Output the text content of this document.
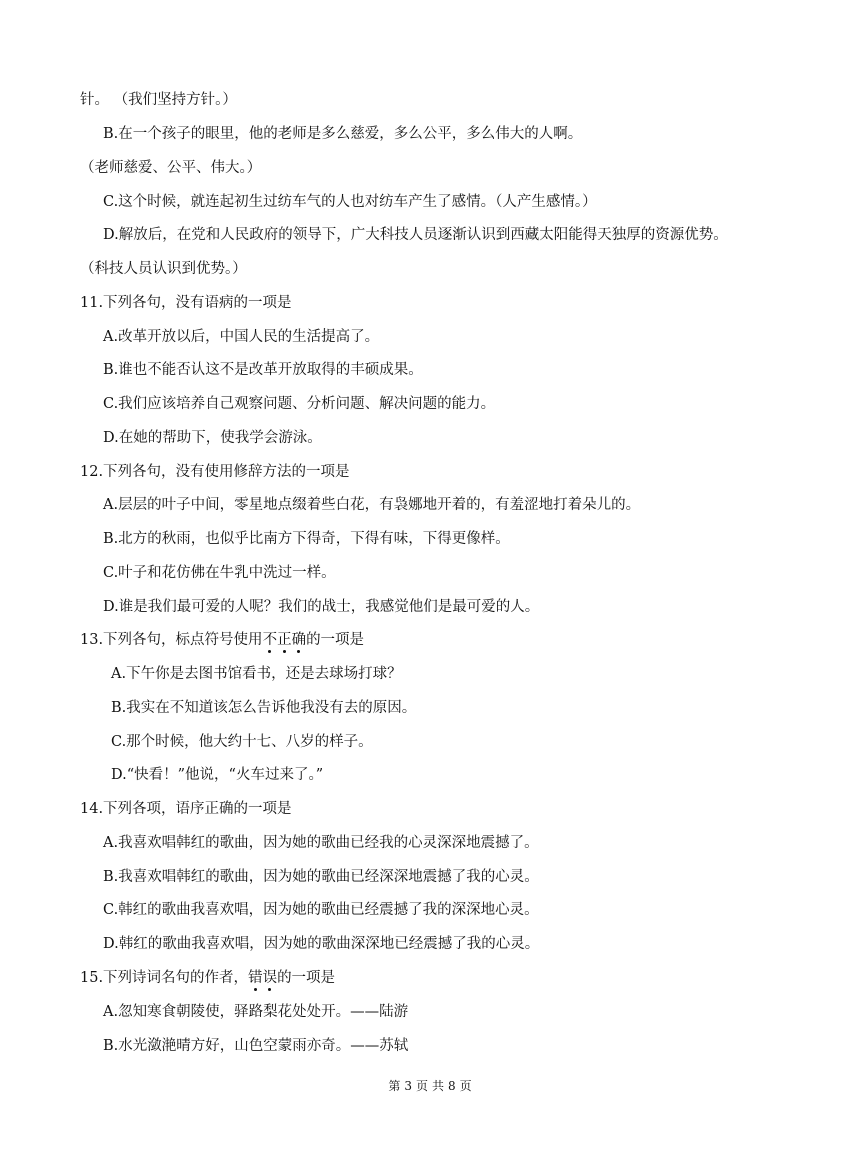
针。 （我们坚持方针。）
B.在一个孩子的眼里，他的老师是多么慈爱，多么公平，多么伟大的人啊。
（老师慈爱、公平、伟大。）
C.这个时候，就连起初生过纺车气的人也对纺车产生了感情。（人产生感情。）
D.解放后，在党和人民政府的领导下，广大科技人员逐渐认识到西藏太阳能得天独厚的资源优势。
（科技人员认识到优势。）
11.下列各句，没有语病的一项是
A.改革开放以后，中国人民的生活提高了。
B.谁也不能否认这不是改革开放取得的丰硕成果。
C.我们应该培养自己观察问题、分析问题、解决问题的能力。
D.在她的帮助下，使我学会游泳。
12.下列各句，没有使用修辞方法的一项是
A.层层的叶子中间，零星地点缀着些白花，有袅娜地开着的，有羞涩地打着朵儿的。
B.北方的秋雨，也似乎比南方下得奇，下得有味，下得更像样。
C.叶子和花仿佛在牛乳中洗过一样。
D.谁是我们最可爱的人呢？我们的战士，我感觉他们是最可爱的人。
13.下列各句，标点符号使用不正确的一项是
A.下午你是去图书馆看书，还是去球场打球？
B.我实在不知道该怎么告诉他我没有去的原因。
C.那个时候，他大约十七、八岁的样子。
D.“快看！”他说，“火车过来了。”
14.下列各项，语序正确的一项是
A.我喜欢唱韩红的歌曲，因为她的歌曲已经我的心灵深深地震撼了。
B.我喜欢唱韩红的歌曲，因为她的歌曲已经深深地震撼了我的心灵。
C.韩红的歌曲我喜欢唱，因为她的歌曲已经震撼了我的深深地心灵。
D.韩红的歌曲我喜欢唱，因为她的歌曲深深地已经震撼了我的心灵。
15.下列诗词名句的作者，错误的一项是
A.忽知寒食朝陵使，驿路梨花处处开。——陆游
B.水光潋滟晴方好，山色空蒙雨亦奇。——苏轼
第 3 页 共 8 页
